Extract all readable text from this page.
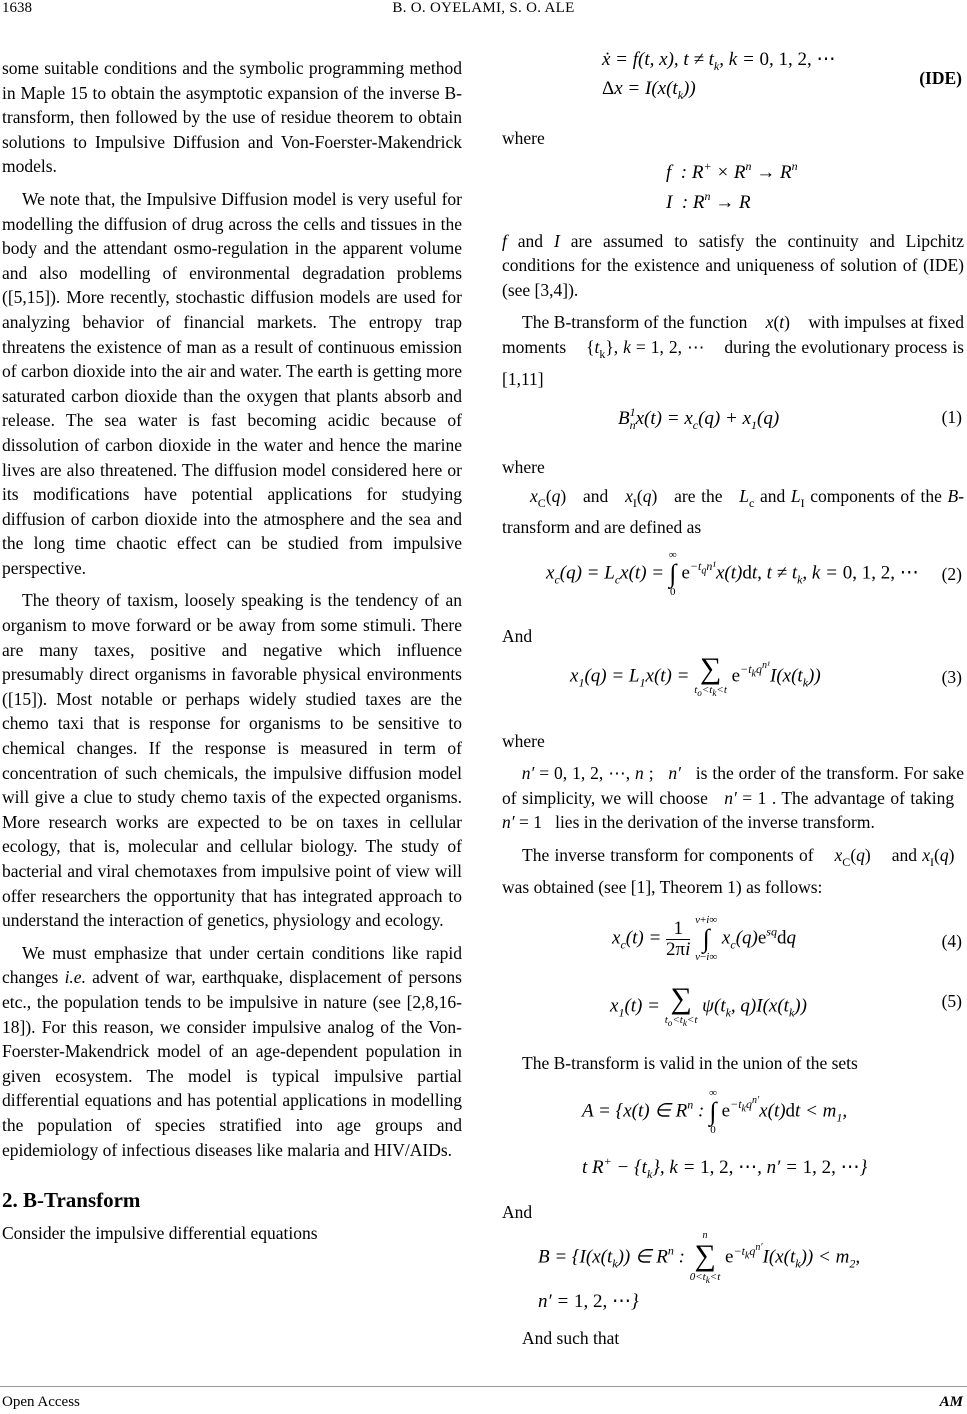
1638	B. O. OYELAMI, S. O. ALE

some suitable conditions and the symbolic programming method in Maple 15 to obtain the asymptotic expansion of the inverse B-transform, then followed by the use of residue theorem to obtain solutions to Impulsive Diffusion and Von-Foerster-Makendrick models.

We note that, the Impulsive Diffusion model is very useful for modelling the diffusion of drug across the cells and tissues in the body and the attendant osmo-regulation in the apparent volume and also modelling of environmental degradation problems ([5,15]). More recently, stochastic diffusion models are used for analyzing behavior of financial markets. The entropy trap threatens the existence of man as a result of continuous emission of carbon dioxide into the air and water. The earth is getting more saturated carbon dioxide than the oxygen that plants absorb and release. The sea water is fast becoming acidic because of dissolution of carbon dioxide in the water and hence the marine lives are also threatened. The diffusion model considered here or its modifications have potential applications for studying diffusion of carbon dioxide into the atmosphere and the sea and the long time chaotic effect can be studied from impulsive perspective.

The theory of taxism, loosely speaking is the tendency of an organism to move forward or be away from some stimuli. There are many taxes, positive and negative which influence presumably direct organisms in favorable physical environments ([15]). Most notable or perhaps widely studied taxes are the chemo taxi that is response for organisms to be sensitive to chemical changes. If the response is measured in term of concentration of such chemicals, the impulsive diffusion model will give a clue to study chemo taxis of the expected organisms. More research works are expected to be on taxes in cellular ecology, that is, molecular and cellular biology. The study of bacterial and viral chemotaxes from impulsive point of view will offer researchers the opportunity that has integrated approach to understand the interaction of genetics, physiology and ecology.

We must emphasize that under certain conditions like rapid changes i.e. advent of war, earthquake, displacement of persons etc., the population tends to be impulsive in nature (see [2,8,16-18]). For this reason, we consider impulsive analog of the Von-Foerster-Makendrick model of an age-dependent population in given ecosystem. The model is typical impulsive partial differential equations and has potential applications in modelling the population of species stratified into age groups and epidemiology of infectious diseases like malaria and HIV/AIDs.

2. B-Transform

Consider the impulsive differential equations

ẋ = f(t, x), $t \ne t_k$, k = 0, 1, 2, ⋯
$\Delta x = I(x(t_k))$	(IDE)

where

f  : $R^+ \times R^n \to R^n$
I  : $R^n \to R$

f and I are assumed to satisfy the continuity and Lipchitz conditions for the existence and uniqueness of solution of (IDE) (see [3,4]).

The B-transform of the function x(t)    with impulses at fixed moments    $\{t_k\}$, k = 1, 2, ⋯    during the evolutionary process is [1,11]

$B_n^1x(t) = x_c(q) + x_1(q)$	(1)

where

$x_C(q)$   and $x_I(q)$   are the $L_c$ and $L_I$ components of the B-transform and are defined as

$x_c(q) = L_cx(t)$ =
∞
∫
0
$e^{-t_qn^1}x(t)dt$, $t \ne t_k$, k = 0, 1, 2, ⋯ (2)

And

$x_1(q) = L_1x(t)$ = ∑
$t_o<t_k<t$
$e^{-t_kq^{n^1}}I(x(t_k))$	(3)

where

n′ = 0, 1, 2, ⋯, n ;   n′ is the order of the transform. For sake of simplicity, we will choose n′ = 1 . The advantage of taking   n′ = 1   lies in the derivation of the inverse transform.

The inverse transform for components of $x_C(q)$    and $x_I(q)$   was obtained (see [1], Theorem 1) as follows:

$x_c(t) = \frac{1}{2\pi i}$
v+i∞
∫
v−i∞
$x_c(q)e^{sq}dq$	(4)
$x_1(t)$ = ∑
$t_o<t_k<t$
$\psi(t_k$, $q)I(x(t_k))$	(5)

The B-transform is valid in the union of the sets

A = {x(t) ∈ $R^n$ :
∞
∫
0
$e^{-t_kq^{n'}}x(t)dt < m_1$,
t $R^+ - \{t_k\}$, k = 1, 2, ⋯, n′ = 1, 2, ⋯}

And

$B = \{I(x(t_k))$ ∈ $R^n$ :
n
∑
$0<t_k<t$
$e^{-t_kq^{n'}}I(x(t_k)) < m_2$,
n′ = 1, 2, ⋯}

And such that

Open Access	AM
